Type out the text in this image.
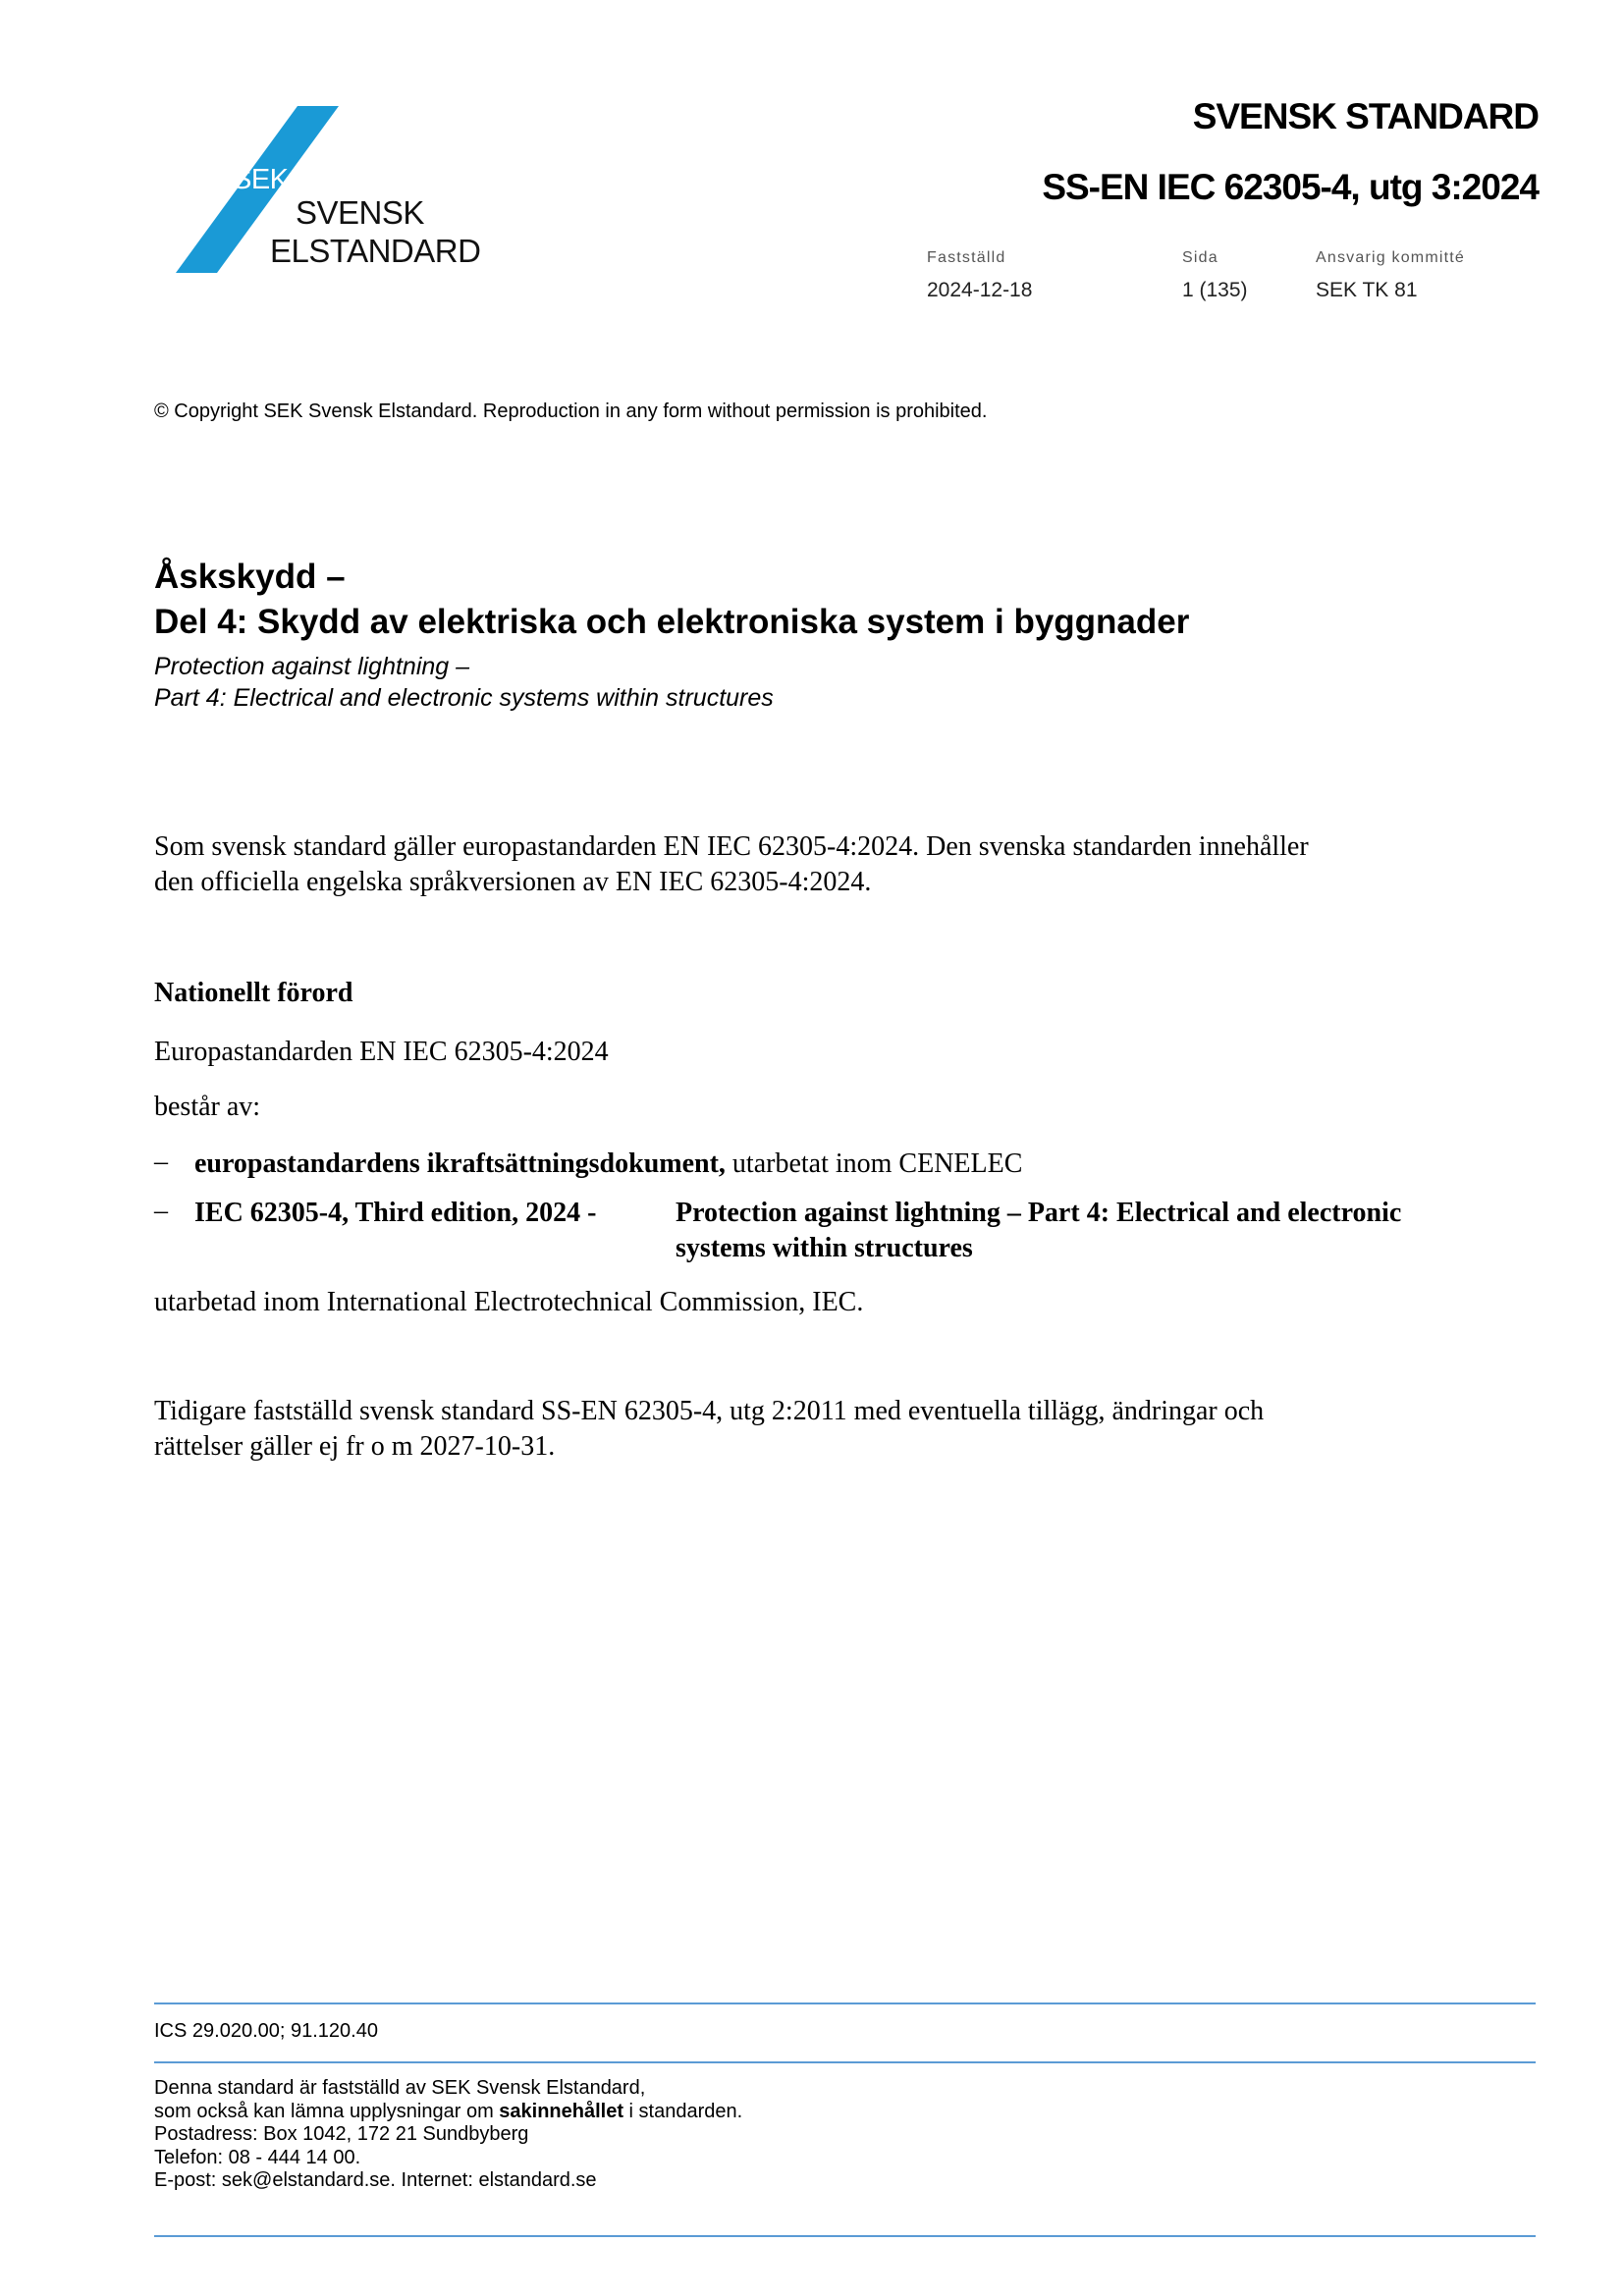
SEK
SVENSK
ELSTANDARD
SVENSK STANDARD
SS-EN IEC 62305-4, utg 3:2024
Fastställd	Sida	Ansvarig kommitté
2024-12-18	1 (135)	SEK TK 81
© Copyright SEK Svensk Elstandard. Reproduction in any form without permission is prohibited.
Åskskydd –
Del 4: Skydd av elektriska och elektroniska system i byggnader
Protection against lightning –
Part 4: Electrical and electronic systems within structures
Som svensk standard gäller europastandarden EN IEC 62305-4:2024. Den svenska standarden innehåller
den officiella engelska språkversionen av EN IEC 62305-4:2024.
Nationellt förord
Europastandarden EN IEC 62305-4:2024
består av:
– europastandardens ikraftsättningsdokument, utarbetat inom CENELEC
– IEC 62305-4, Third edition, 2024 -	Protection against lightning – Part 4: Electrical and electronic
systems within structures
utarbetad inom International Electrotechnical Commission, IEC.
Tidigare fastställd svensk standard SS-EN 62305-4, utg 2:2011 med eventuella tillägg, ändringar och
rättelser gäller ej fr o m 2027-10-31.
ICS 29.020.00; 91.120.40
Denna standard är fastställd av SEK Svensk Elstandard,
som också kan lämna upplysningar om sakinnehållet i standarden.
Postadress: Box 1042, 172 21 Sundbyberg
Telefon: 08 - 444 14 00.
E-post: sek@elstandard.se. Internet: elstandard.se
